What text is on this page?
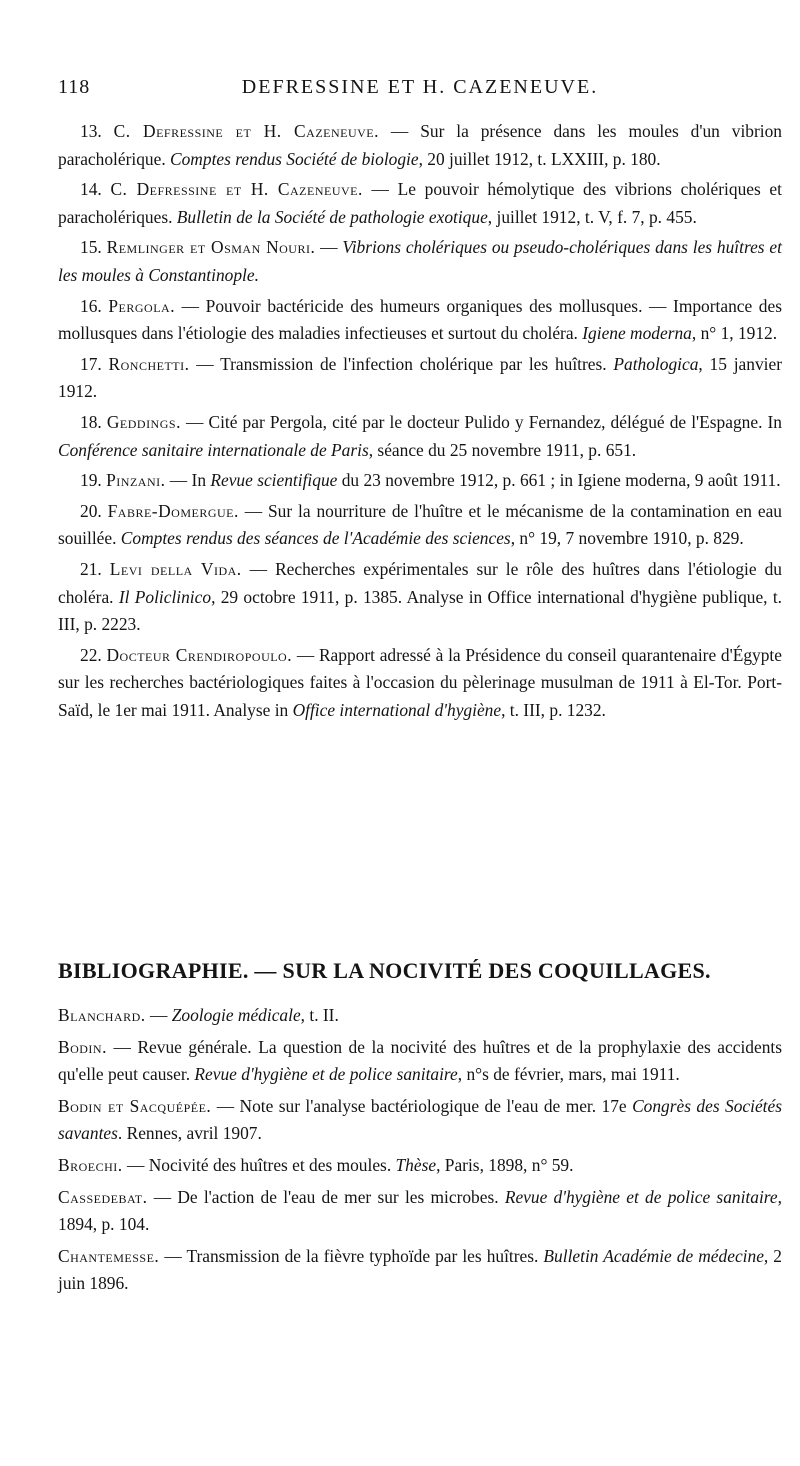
118	DEFRESSINE ET H. CAZENEUVE.

13. C. Defressine et H. Cazeneuve. — Sur la présence dans les moules d'un vibrion paracholérique. Comptes rendus Société de biologie, 20 juillet 1912, t. LXXIII, p. 180.

14. C. Defressine et H. Cazeneuve. — Le pouvoir hémolytique des vibrions cholériques et paracholériques. Bulletin de la Société de pathologie exotique, juillet 1912, t. V, f. 7, p. 455.

15. Remlinger et Osman Nouri. — Vibrions cholériques ou pseudo-cholériques dans les huîtres et les moules à Constantinople.

16. Pergola. — Pouvoir bactéricide des humeurs organiques des mollusques. — Importance des mollusques dans l'étiologie des maladies infectieuses et surtout du choléra. Igiene moderna, n° 1, 1912.

17. Ronchetti. — Transmission de l'infection cholérique par les huîtres. Pathologica, 15 janvier 1912.

18. Geddings. — Cité par Pergola, cité par le docteur Pulido y Fernandez, délégué de l'Espagne. In Conférence sanitaire internationale de Paris, séance du 25 novembre 1911, p. 651.

19. Pinzani. — In Revue scientifique du 23 novembre 1912, p. 661 ; in Igiene moderna, 9 août 1911.

20. Fabre-Domergue. — Sur la nourriture de l'huître et le mécanisme de la contamination en eau souillée. Comptes rendus des séances de l'Académie des sciences, n° 19, 7 novembre 1910, p. 829.

21. Levi della Vida. — Recherches expérimentales sur le rôle des huîtres dans l'étiologie du choléra. Il Policlinico, 29 octobre 1911, p. 1385. Analyse in Office international d'hygiène publique, t. III, p. 2223.

22. Docteur Crendiropoulo. — Rapport adressé à la Présidence du conseil quarantenaire d'Égypte sur les recherches bactériologiques faites à l'occasion du pèlerinage musulman de 1911 à El-Tor. Port-Saïd, le 1er mai 1911. Analyse in Office international d'hygiène, t. III, p. 1232.

BIBLIOGRAPHIE. — SUR LA NOCIVITÉ DES COQUILLAGES.

Blanchard. — Zoologie médicale, t. II.

Bodin. — Revue générale. La question de la nocivité des huîtres et de la prophylaxie des accidents qu'elle peut causer. Revue d'hygiène et de police sanitaire, n°s de février, mars, mai 1911.

Bodin et Sacquépée. — Note sur l'analyse bactériologique de l'eau de mer. 17e Congrès des Sociétés savantes. Rennes, avril 1907.

Broechi. — Nocivité des huîtres et des moules. Thèse, Paris, 1898, n° 59.

Cassedebat. — De l'action de l'eau de mer sur les microbes. Revue d'hygiène et de police sanitaire, 1894, p. 104.

Chantemesse. — Transmission de la fièvre typhoïde par les huîtres. Bulletin Académie de médecine, 2 juin 1896.
